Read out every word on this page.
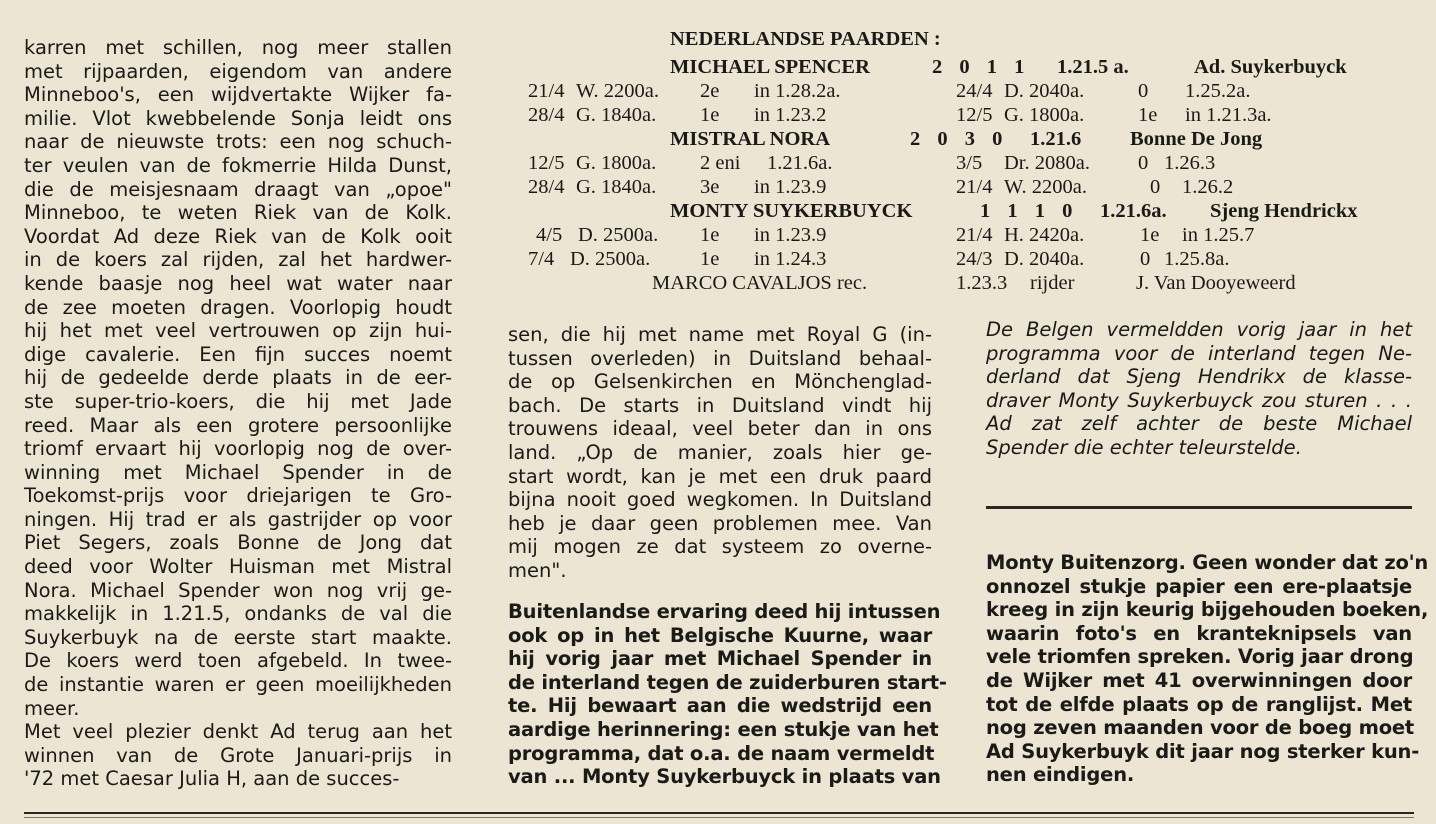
karren met schillen, nog meer stallen
met rijpaarden, eigendom van andere
Minneboo's, een wijdvertakte Wijker fa-
milie. Vlot kwebbelende Sonja leidt ons
naar de nieuwste trots: een nog schuch-
ter veulen van de fokmerrie Hilda Dunst,
die de meisjesnaam draagt van „opoe"
Minneboo, te weten Riek van de Kolk.
Voordat Ad deze Riek van de Kolk ooit
in de koers zal rijden, zal het hardwer-
kende baasje nog heel wat water naar
de zee moeten dragen. Voorlopig houdt
hij het met veel vertrouwen op zijn hui-
dige cavalerie. Een fijn succes noemt
hij de gedeelde derde plaats in de eer-
ste super-trio-koers, die hij met Jade
reed. Maar als een grotere persoonlijke
triomf ervaart hij voorlopig nog de over-
winning met Michael Spender in de
Toekomst-prijs voor driejarigen te Gro-
ningen. Hij trad er als gastrijder op voor
Piet Segers, zoals Bonne de Jong dat
deed voor Wolter Huisman met Mistral
Nora. Michael Spender won nog vrij ge-
makkelijk in 1.21.5, ondanks de val die
Suykerbuyk na de eerste start maakte.
De koers werd toen afgebeld. In twee-
de instantie waren er geen moeilijkheden
meer.
Met veel plezier denkt Ad terug aan het
winnen van de Grote Januari-prijs in
'72 met Caesar Julia H, aan de succes-
NEDERLANDSE PAARDEN :
MICHAEL SPENCER	2 0 1 1 1.21.5 a.	Ad. Suykerbuyck
21/4 W. 2200a. 2e in 1.28.2a.	24/4 D. 2040a.	0 1.25.2a.
28/4 G. 1840a. 1e in 1.23.2	12/5 G. 1800a.	1e in 1.21.3a.
MISTRAL NORA	2 0 3 0 1.21.6 Bonne De Jong
12/5 G. 1800a. 2 eni 1.21.6a.	3/5 Dr. 2080a. 0 1.26.3
28/4 G. 1840a. 3e in 1.23.9	21/4 W. 2200a.	0 1.26.2
MONTY SUYKERBUYCK	1 1 1 0 1.21.6a. Sjeng Hendrickx
4/5 D. 2500a. 1e in 1.23.9	21/4 H. 2420a.	1e in 1.25.7
7/4 D. 2500a. 1e in 1.24.3	24/3 D. 2040a.	0 1.25.8a.
MARCO CAVALJOS rec.	1.23.3 rijder	J. Van Dooyeweerd
sen, die hij met name met Royal G (in-
tussen overleden) in Duitsland behaal-
de op Gelsenkirchen en Mönchenglad-
bach. De starts in Duitsland vindt hij
trouwens ideaal, veel beter dan in ons
land. „Op de manier, zoals hier ge-
start wordt, kan je met een druk paard
bijna nooit goed wegkomen. In Duitsland
heb je daar geen problemen mee. Van
mij mogen ze dat systeem zo overne-
men".
Buitenlandse ervaring deed hij intussen
ook op in het Belgische Kuurne, waar
hij vorig jaar met Michael Spender in
de interland tegen de zuiderburen start-
te. Hij bewaart aan die wedstrijd een
aardige herinnering: een stukje van het
programma, dat o.a. de naam vermeldt
van ... Monty Suykerbuyck in plaats van
De Belgen vermeldden vorig jaar in het
programma voor de interland tegen Ne-
derland dat Sjeng Hendrikx de klasse-
draver Monty Suykerbuyck zou sturen . . .
Ad zat zelf achter de beste Michael
Spender die echter teleurstelde.
Monty Buitenzorg. Geen wonder dat zo'n
onnozel stukje papier een ere-plaatsje
kreeg in zijn keurig bijgehouden boeken,
waarin foto's en kranteknipsels van
vele triomfen spreken. Vorig jaar drong
de Wijker met 41 overwinningen door
tot de elfde plaats op de ranglijst. Met
nog zeven maanden voor de boeg moet
Ad Suykerbuyk dit jaar nog sterker kun-
nen eindigen.
